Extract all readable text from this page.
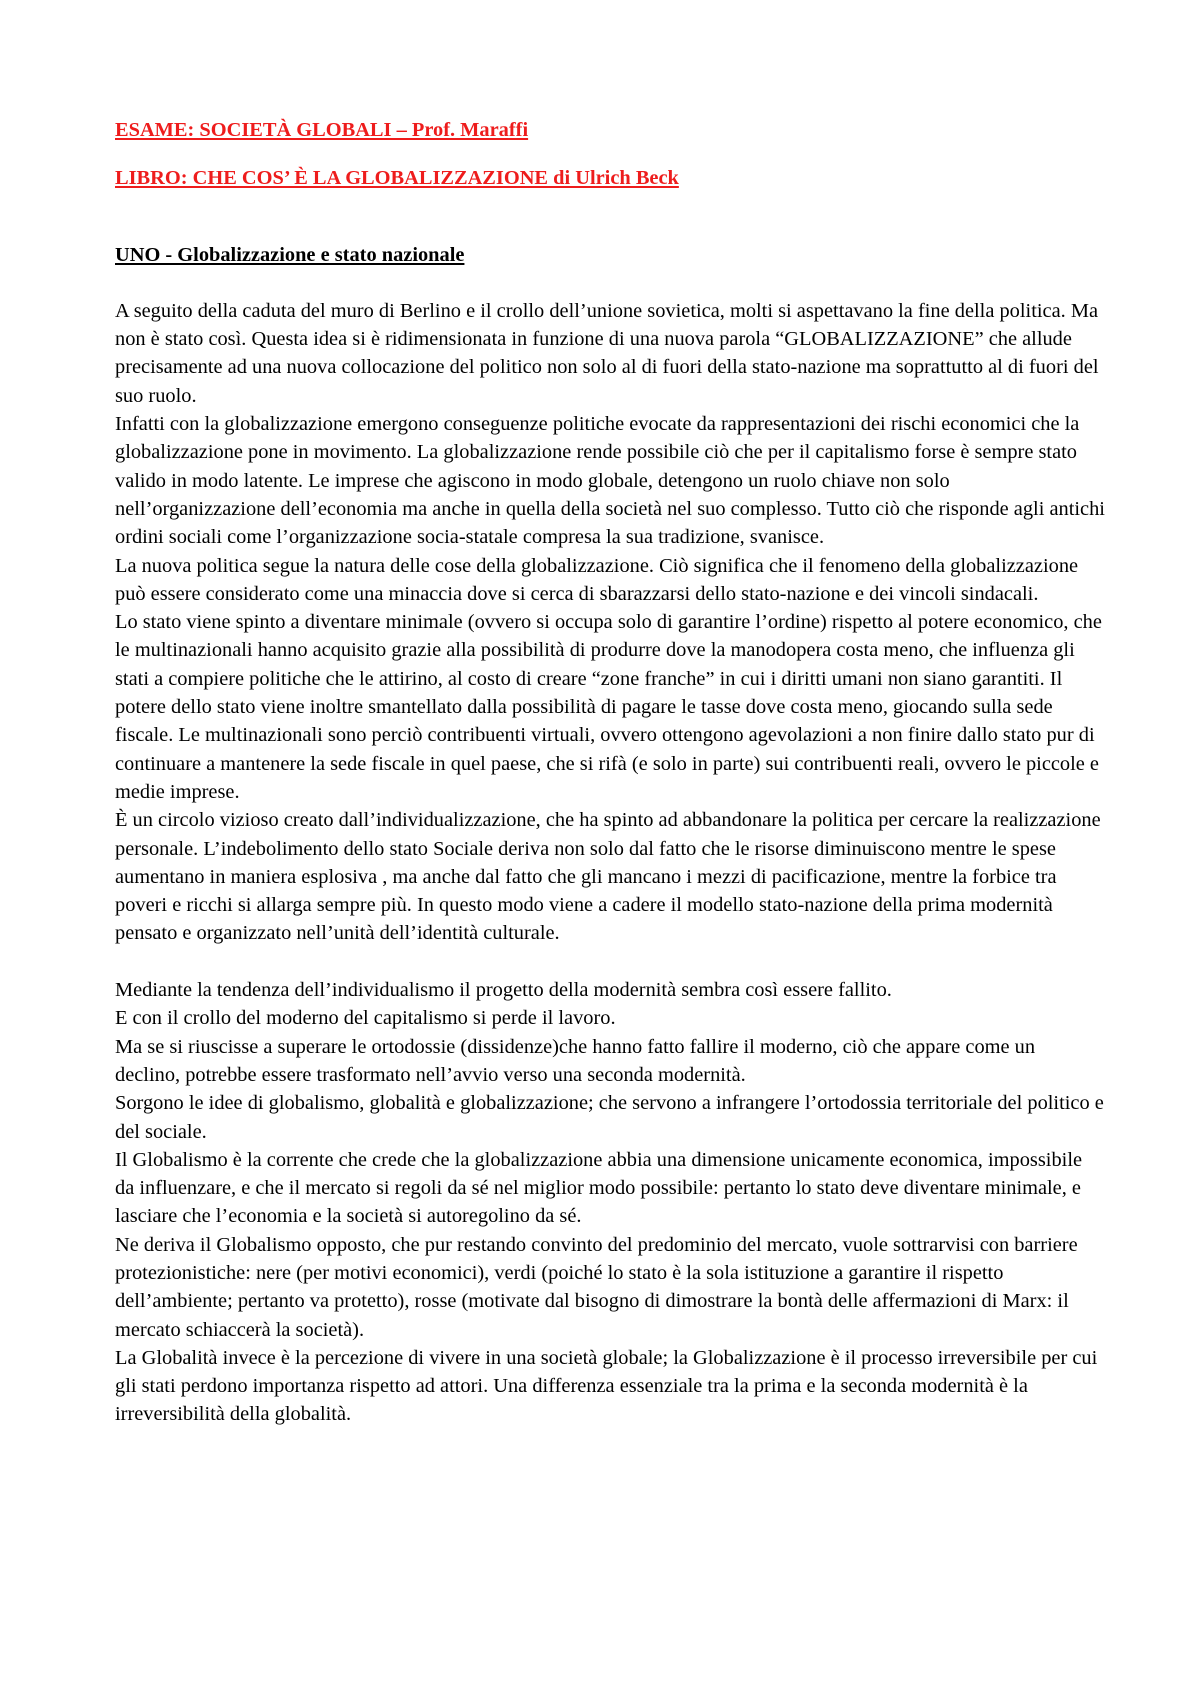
ESAME: SOCIETÀ GLOBALI – Prof. Maraffi

LIBRO: CHE COS’ È LA GLOBALIZZAZIONE di Ulrich Beck

UNO - Globalizzazione e stato nazionale

A seguito della caduta del muro di Berlino e il crollo dell’unione sovietica, molti si aspettavano la fine della politica. Ma non è stato così. Questa idea si è ridimensionata in funzione di una nuova parola “GLOBALIZZAZIONE” che allude precisamente ad una nuova collocazione del politico non solo al di fuori della stato-nazione ma soprattutto al di fuori del suo ruolo.

Infatti con la globalizzazione emergono conseguenze politiche evocate da rappresentazioni dei rischi economici che la globalizzazione pone in movimento. La globalizzazione rende possibile ciò che per il capitalismo forse è sempre stato valido in modo latente. Le imprese che agiscono in modo globale, detengono un ruolo chiave non solo nell’organizzazione dell’economia ma anche in quella della società nel suo complesso. Tutto ciò che risponde agli antichi ordini sociali come l’organizzazione socia-statale compresa la sua tradizione, svanisce.

La nuova politica segue la natura delle cose della globalizzazione. Ciò significa che il fenomeno della globalizzazione può essere considerato come una minaccia dove si cerca di sbarazzarsi dello stato-nazione e dei vincoli sindacali.

Lo stato viene spinto a diventare minimale (ovvero si occupa solo di garantire l’ordine) rispetto al potere economico, che le multinazionali hanno acquisito grazie alla possibilità di produrre dove la manodopera costa meno, che influenza gli stati a compiere politiche che le attirino, al costo di creare “zone franche” in cui i diritti umani non siano garantiti. Il potere dello stato viene inoltre smantellato dalla possibilità di pagare le tasse dove costa meno, giocando sulla sede fiscale. Le multinazionali sono perciò contribuenti virtuali, ovvero ottengono agevolazioni a non finire dallo stato pur di continuare a mantenere la sede fiscale in quel paese, che si rifà (e solo in parte) sui contribuenti reali, ovvero le piccole e medie imprese.

È un circolo vizioso creato dall’individualizzazione, che ha spinto ad abbandonare la politica per cercare la realizzazione personale. L’indebolimento dello stato Sociale deriva non solo dal fatto che le risorse diminuiscono mentre le spese aumentano in maniera esplosiva , ma anche dal fatto che gli mancano i mezzi di pacificazione, mentre la forbice tra poveri e ricchi si allarga sempre più. In questo modo viene a cadere il modello stato-nazione della prima modernità pensato e organizzato nell’unità dell’identità culturale.

Mediante la tendenza dell’individualismo il progetto della modernità sembra così essere fallito.

E con il crollo del moderno del capitalismo si perde il lavoro.

Ma se si riuscisse a superare le ortodossie (dissidenze)che hanno fatto fallire il moderno, ciò che appare come un declino, potrebbe essere trasformato nell’avvio verso una seconda modernità.

Sorgono le idee di globalismo, globalità e globalizzazione; che servono a infrangere l’ortodossia territoriale del politico e del sociale.

Il Globalismo è la corrente che crede che la globalizzazione abbia una dimensione unicamente economica, impossibile da influenzare, e che il mercato si regoli da sé nel miglior modo possibile: pertanto lo stato deve diventare minimale, e lasciare che l’economia e la società si autoregolino da sé.

Ne deriva il Globalismo opposto, che pur restando convinto del predominio del mercato, vuole sottrarvisi con barriere protezionistiche: nere (per motivi economici), verdi (poiché lo stato è la sola istituzione a garantire il rispetto dell’ambiente; pertanto va protetto), rosse (motivate dal bisogno di dimostrare la bontà delle affermazioni di Marx: il mercato schiaccerà la società).

La Globalità invece è la percezione di vivere in una società globale; la Globalizzazione è il processo irreversibile per cui gli stati perdono importanza rispetto ad attori. Una differenza essenziale tra la prima e la seconda modernità è la irreversibilità della globalità.
